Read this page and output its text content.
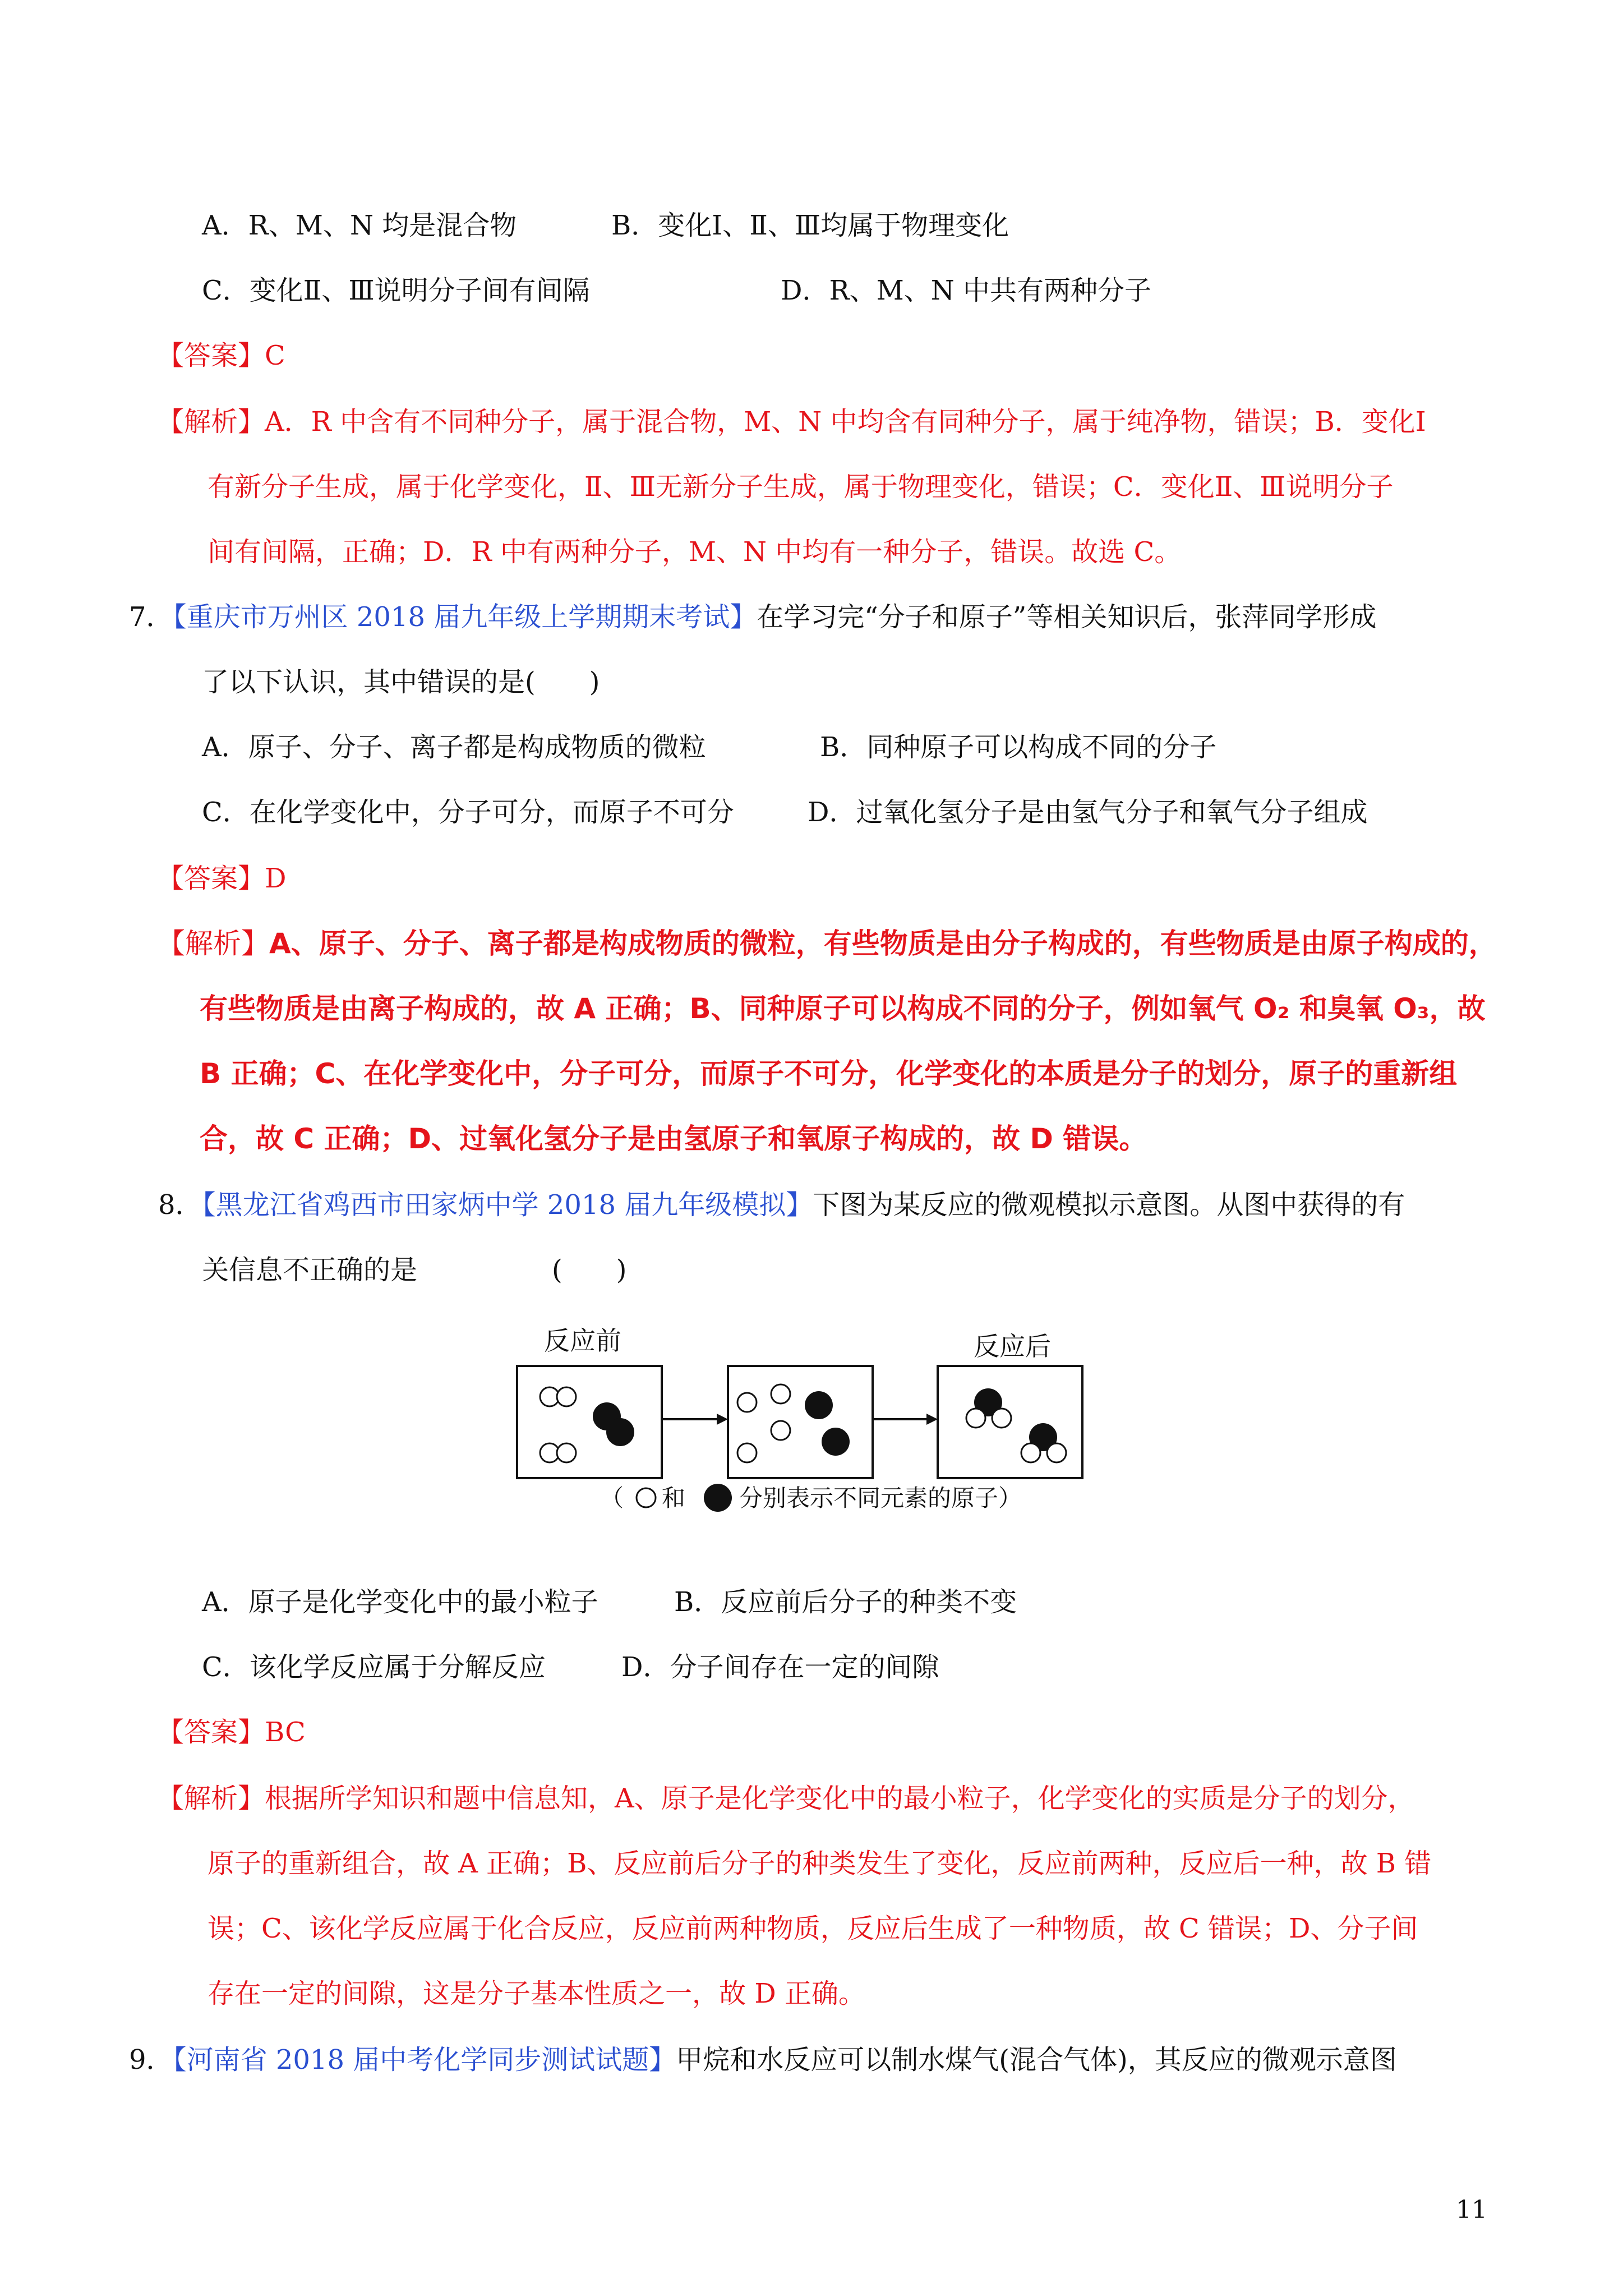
A．R、M、N 均是混合物	B．变化Ⅰ、Ⅱ、Ⅲ均属于物理变化
C．变化Ⅱ、Ⅲ说明分子间有间隔	D．R、M、N 中共有两种分子
【答案】C
【解析】A．R 中含有不同种分子，属于混合物，M、N 中均含有同种分子，属于纯净物，错误；B．变化Ⅰ
有新分子生成，属于化学变化，Ⅱ、Ⅲ无新分子生成，属于物理变化，错误；C．变化Ⅱ、Ⅲ说明分子
间有间隔，正确；D．R 中有两种分子，M、N 中均有一种分子，错误。故选 C。
7．【重庆市万州区 2018 届九年级上学期期末考试】在学习完“分子和原子”等相关知识后，张萍同学形成
了以下认识，其中错误的是(　　)
A．原子、分子、离子都是构成物质的微粒	B．同种原子可以构成不同的分子
C．在化学变化中，分子可分，而原子不可分	D．过氧化氢分子是由氢气分子和氧气分子组成
【答案】D
【解析】A、原子、分子、离子都是构成物质的微粒，有些物质是由分子构成的，有些物质是由原子构成的，
有些物质是由离子构成的，故 A 正确；B、同种原子可以构成不同的分子，例如氧气 O₂ 和臭氧 O₃，故
B 正确；C、在化学变化中，分子可分，而原子不可分，化学变化的本质是分子的划分，原子的重新组
合，故 C 正确；D、过氧化氢分子是由氢原子和氧原子构成的，故 D 错误。
8．【黑龙江省鸡西市田家炳中学 2018 届九年级模拟】下图为某反应的微观模拟示意图。从图中获得的有
关信息不正确的是　　　　　(　　)
反应前	反应后
（ 和 分别表示不同元素的原子）
A．原子是化学变化中的最小粒子	B．反应前后分子的种类不变
C．该化学反应属于分解反应	D．分子间存在一定的间隙
【答案】BC
【解析】根据所学知识和题中信息知，A、原子是化学变化中的最小粒子，化学变化的实质是分子的划分，
原子的重新组合，故 A 正确；B、反应前后分子的种类发生了变化，反应前两种，反应后一种，故 B 错
误；C、该化学反应属于化合反应，反应前两种物质，反应后生成了一种物质，故 C 错误；D、分子间
存在一定的间隙，这是分子基本性质之一，故 D 正确。
9．【河南省 2018 届中考化学同步测试试题】甲烷和水反应可以制水煤气(混合气体)，其反应的微观示意图
11
